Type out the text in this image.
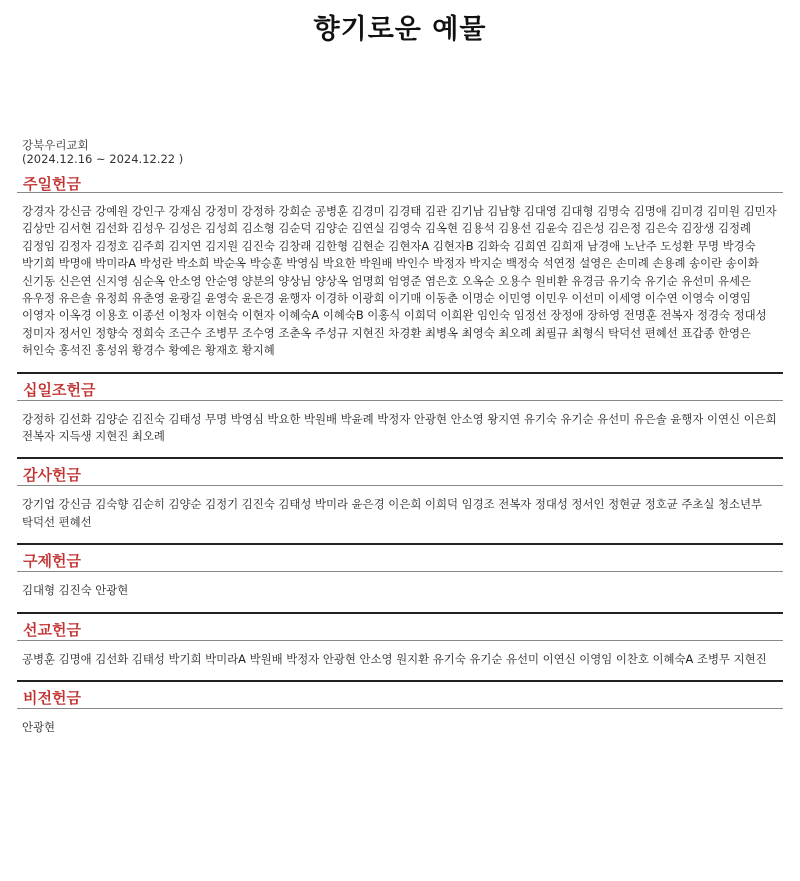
향기로운 예물
강북우리교회
(2024.12.16 ~ 2024.12.22 )
주일헌금
강경자 강신금 강예원 강인구 강재심 강정미 강정하 강희순 공병훈 김경미 김경태 김관 김기남 김남향 김대영 김대형 김명숙 김명애 김미경 김미원 김민자 김상만 김서현 김선화 김성우 김성은 김성희 김소형 김순덕 김양순 김연실 김영숙 김옥현 김용석 김용선 김윤숙 김은성 김은정 김은숙 김장생 김정례 김정임 김정자 김정호 김주희 김지연 김지원 김진숙 김창래 김한형 김현순 김현자A 김현자B 김화숙 김희연 김희재 남경애 노난주 도성환 무명 박경숙 박기희 박명애 박미라A 박성란 박소희 박순옥 박승훈 박영심 박요한 박원배 박인수 박정자 박지순 백정숙 석연정 설영은 손미례 손용례 송이란 송이화 신기동 신은연 신지영 심순옥 안소영 안순영 양분의 양상님 양상옥 엄명희 엄영준 염은호 오옥순 오용수 원비환 유경금 유기숙 유기순 유선미 유세은 유우정 유은솔 유정희 유춘영 윤광길 윤영숙 윤은경 윤행자 이경하 이광희 이기매 이동춘 이명순 이민영 이민우 이선미 이세영 이수연 이영숙 이영임 이영자 이옥경 이용호 이종선 이청자 이현숙 이현자 이혜숙A 이혜숙B 이홍식 이희덕 이희완 임인숙 임정선 장정애 장하영 전명훈 전복자 정경숙 정대성 정미자 정서인 정향숙 정희숙 조근수 조병무 조수영 조춘옥 주성규 지현진 차경환 최병옥 최영숙 최오례 최필규 최형식 탁덕선 편혜선 표갑종 한영은 허인숙 홍석진 홍성위 황경수 황예은 황재호 황지혜
십일조헌금
강정하 김선화 김양순 김진숙 김태성 무명 박영심 박요한 박원배 박윤례 박정자 안광현 안소영 왕지연 유기숙 유기순 유선미 유은솔 윤행자 이연신 이은희 전복자 지득생 지현진 최오례
감사헌금
강기업 강신금 김숙향 김순히 김양순 김정기 김진숙 김태성 박미라 윤은경 이은희 이희덕 임경조 전복자 정대성 정서인 정현균 정호균 주초실 청소년부 탁덕선 편혜선
구제헌금
김대형 김진숙 안광현
선교헌금
공병훈 김명애 김선화 김태성 박기희 박미라A 박원배 박정자 안광현 안소영 원지환 유기숙 유기순 유선미 이연신 이영임 이찬호 이혜숙A 조병무 지현진
비전헌금
안광현
